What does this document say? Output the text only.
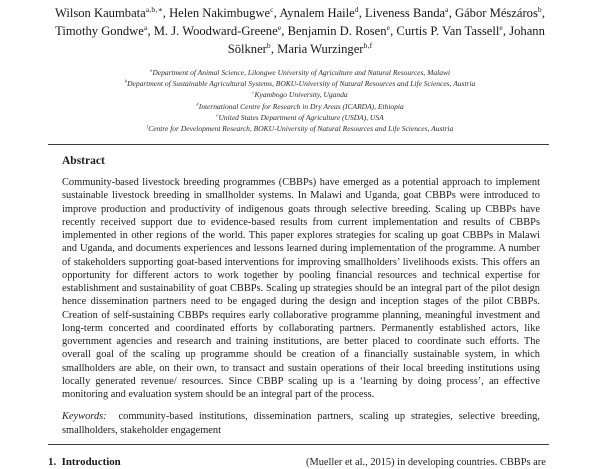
Wilson Kaumbata$^{a,b,∗}$, Helen Nakimbugwe$^c$, Aynalem Haile$^d$, Liveness Banda$^a$, Gábor Mészáros$^b$, Timothy Gondwe$^a$, M. J. Woodward-Greene$^e$, Benjamin D. Rosen$^e$, Curtis P. Van Tassell$^e$, Johann Sölkner$^b$, Maria Wurzinger$^{b,f}$
$^a$Department of Animal Science, Lilongwe University of Agriculture and Natural Resources, Malawi
$^b$Department of Sustainable Agricultural Systems, BOKU-University of Natural Resources and Life Sciences, Austria
$^c$Kyambogo University, Uganda
$^d$International Centre for Research in Dry Areas (ICARDA), Ethiopia
$^e$United States Department of Agriculture (USDA), USA
$^f$Centre for Development Research, BOKU-University of Natural Resources and Life Sciences, Austria
Abstract
Community-based livestock breeding programmes (CBBPs) have emerged as a potential approach to implement sustainable livestock breeding in smallholder systems. In Malawi and Uganda, goat CBBPs were introduced to improve production and productivity of indigenous goats through selective breeding. Scaling up CBBPs have recently received support due to evidence-based results from current implementation and results of CBBPs implemented in other regions of the world. This paper explores strategies for scaling up goat CBBPs in Malawi and Uganda, and documents experiences and lessons learned during implementation of the programme. A number of stakeholders supporting goat-based interventions for improving smallholders’ livelihoods exists. This offers an opportunity for different actors to work together by pooling financial resources and technical expertise for establishment and sustainability of goat CBBPs. Scaling up strategies should be an integral part of the pilot design hence dissemination partners need to be engaged during the design and inception stages of the pilot CBBPs. Creation of self-sustaining CBBPs requires early collaborative programme planning, meaningful investment and long-term concerted and coordinated efforts by collaborating partners. Permanently established actors, like government agencies and research and training institutions, are better placed to coordinate such efforts. The overall goal of the scaling up programme should be creation of a financially sustainable system, in which smallholders are able, on their own, to transact and sustain operations of their local breeding institutions using locally generated revenue/ resources. Since CBBP scaling up is a ‘learning by doing process’, an effective monitoring and evaluation system should be an integral part of the process.
Keywords: community-based institutions, dissemination partners, scaling up strategies, selective breeding, smallholders, stakeholder engagement
1.  Introduction	(Mueller et al., 2015) in developing countries. CBBPs are
